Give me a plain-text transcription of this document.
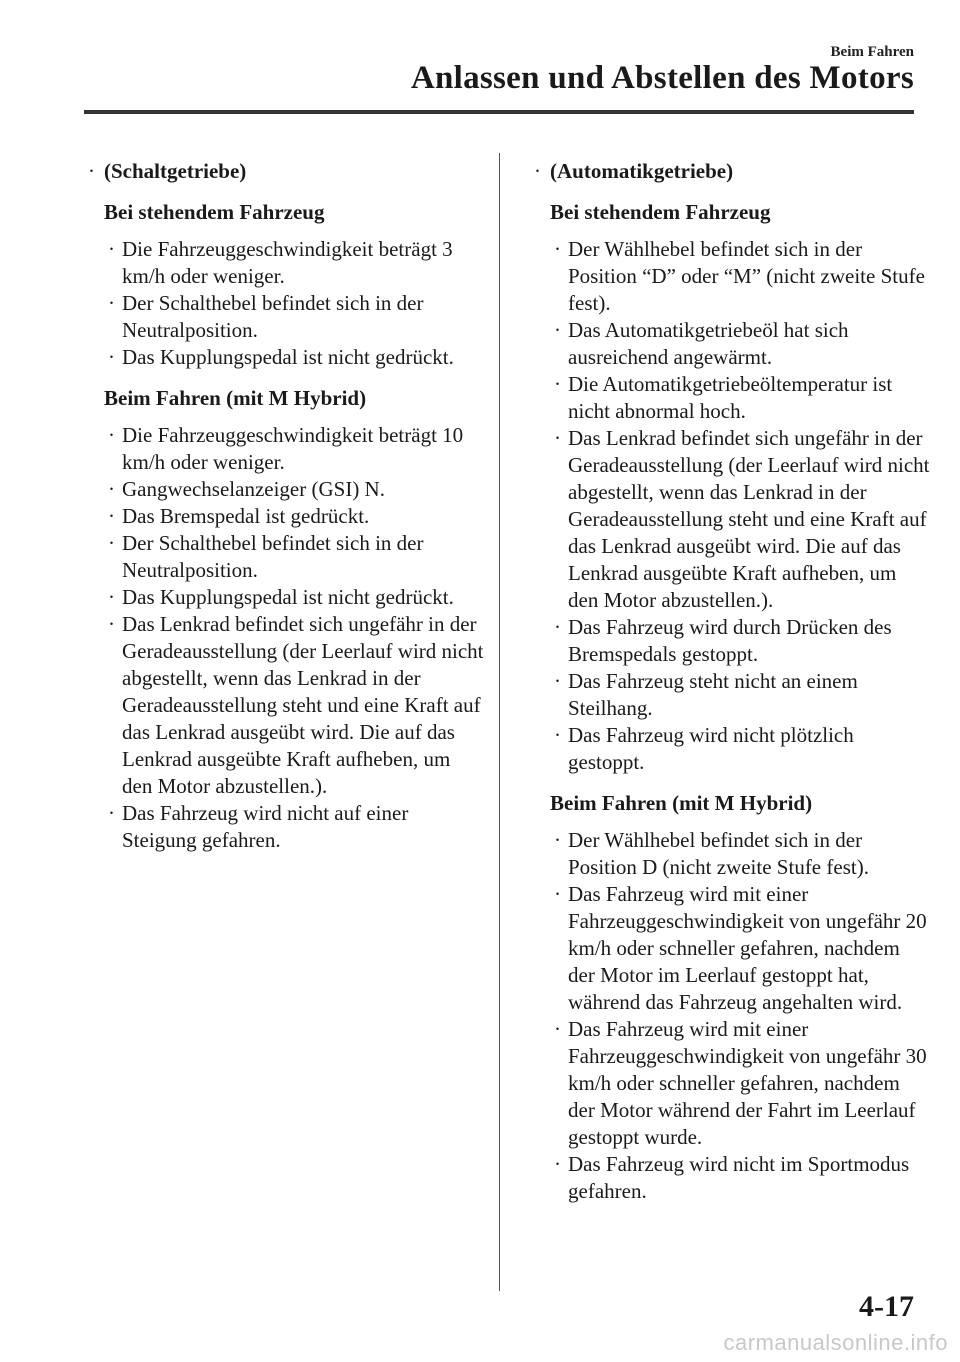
Beim Fahren
Anlassen und Abstellen des Motors
· (Schaltgetriebe)
Bei stehendem Fahrzeug
· Die Fahrzeuggeschwindigkeit beträgt 3 km/h oder weniger.
· Der Schalthebel befindet sich in der Neutralposition.
· Das Kupplungspedal ist nicht gedrückt.
Beim Fahren (mit M Hybrid)
· Die Fahrzeuggeschwindigkeit beträgt 10 km/h oder weniger.
· Gangwechselanzeiger (GSI) N.
· Das Bremspedal ist gedrückt.
· Der Schalthebel befindet sich in der Neutralposition.
· Das Kupplungspedal ist nicht gedrückt.
· Das Lenkrad befindet sich ungefähr in der Geradeausstellung (der Leerlauf wird nicht abgestellt, wenn das Lenkrad in der Geradeausstellung steht und eine Kraft auf das Lenkrad ausgeübt wird. Die auf das Lenkrad ausgeübte Kraft aufheben, um den Motor abzustellen.).
· Das Fahrzeug wird nicht auf einer Steigung gefahren.
· (Automatikgetriebe)
Bei stehendem Fahrzeug
· Der Wählhebel befindet sich in der Position “D” oder “M” (nicht zweite Stufe fest).
· Das Automatikgetriebeöl hat sich ausreichend angewärmt.
· Die Automatikgetriebeöltemperatur ist nicht abnormal hoch.
· Das Lenkrad befindet sich ungefähr in der Geradeausstellung (der Leerlauf wird nicht abgestellt, wenn das Lenkrad in der Geradeausstellung steht und eine Kraft auf das Lenkrad ausgeübt wird. Die auf das Lenkrad ausgeübte Kraft aufheben, um den Motor abzustellen.).
· Das Fahrzeug wird durch Drücken des Bremspedals gestoppt.
· Das Fahrzeug steht nicht an einem Steilhang.
· Das Fahrzeug wird nicht plötzlich gestoppt.
Beim Fahren (mit M Hybrid)
· Der Wählhebel befindet sich in der Position D (nicht zweite Stufe fest).
· Das Fahrzeug wird mit einer Fahrzeuggeschwindigkeit von ungefähr 20 km/h oder schneller gefahren, nachdem der Motor im Leerlauf gestoppt hat, während das Fahrzeug angehalten wird.
· Das Fahrzeug wird mit einer Fahrzeuggeschwindigkeit von ungefähr 30 km/h oder schneller gefahren, nachdem der Motor während der Fahrt im Leerlauf gestoppt wurde.
· Das Fahrzeug wird nicht im Sportmodus gefahren.
4-17
carmanualsonline.info
